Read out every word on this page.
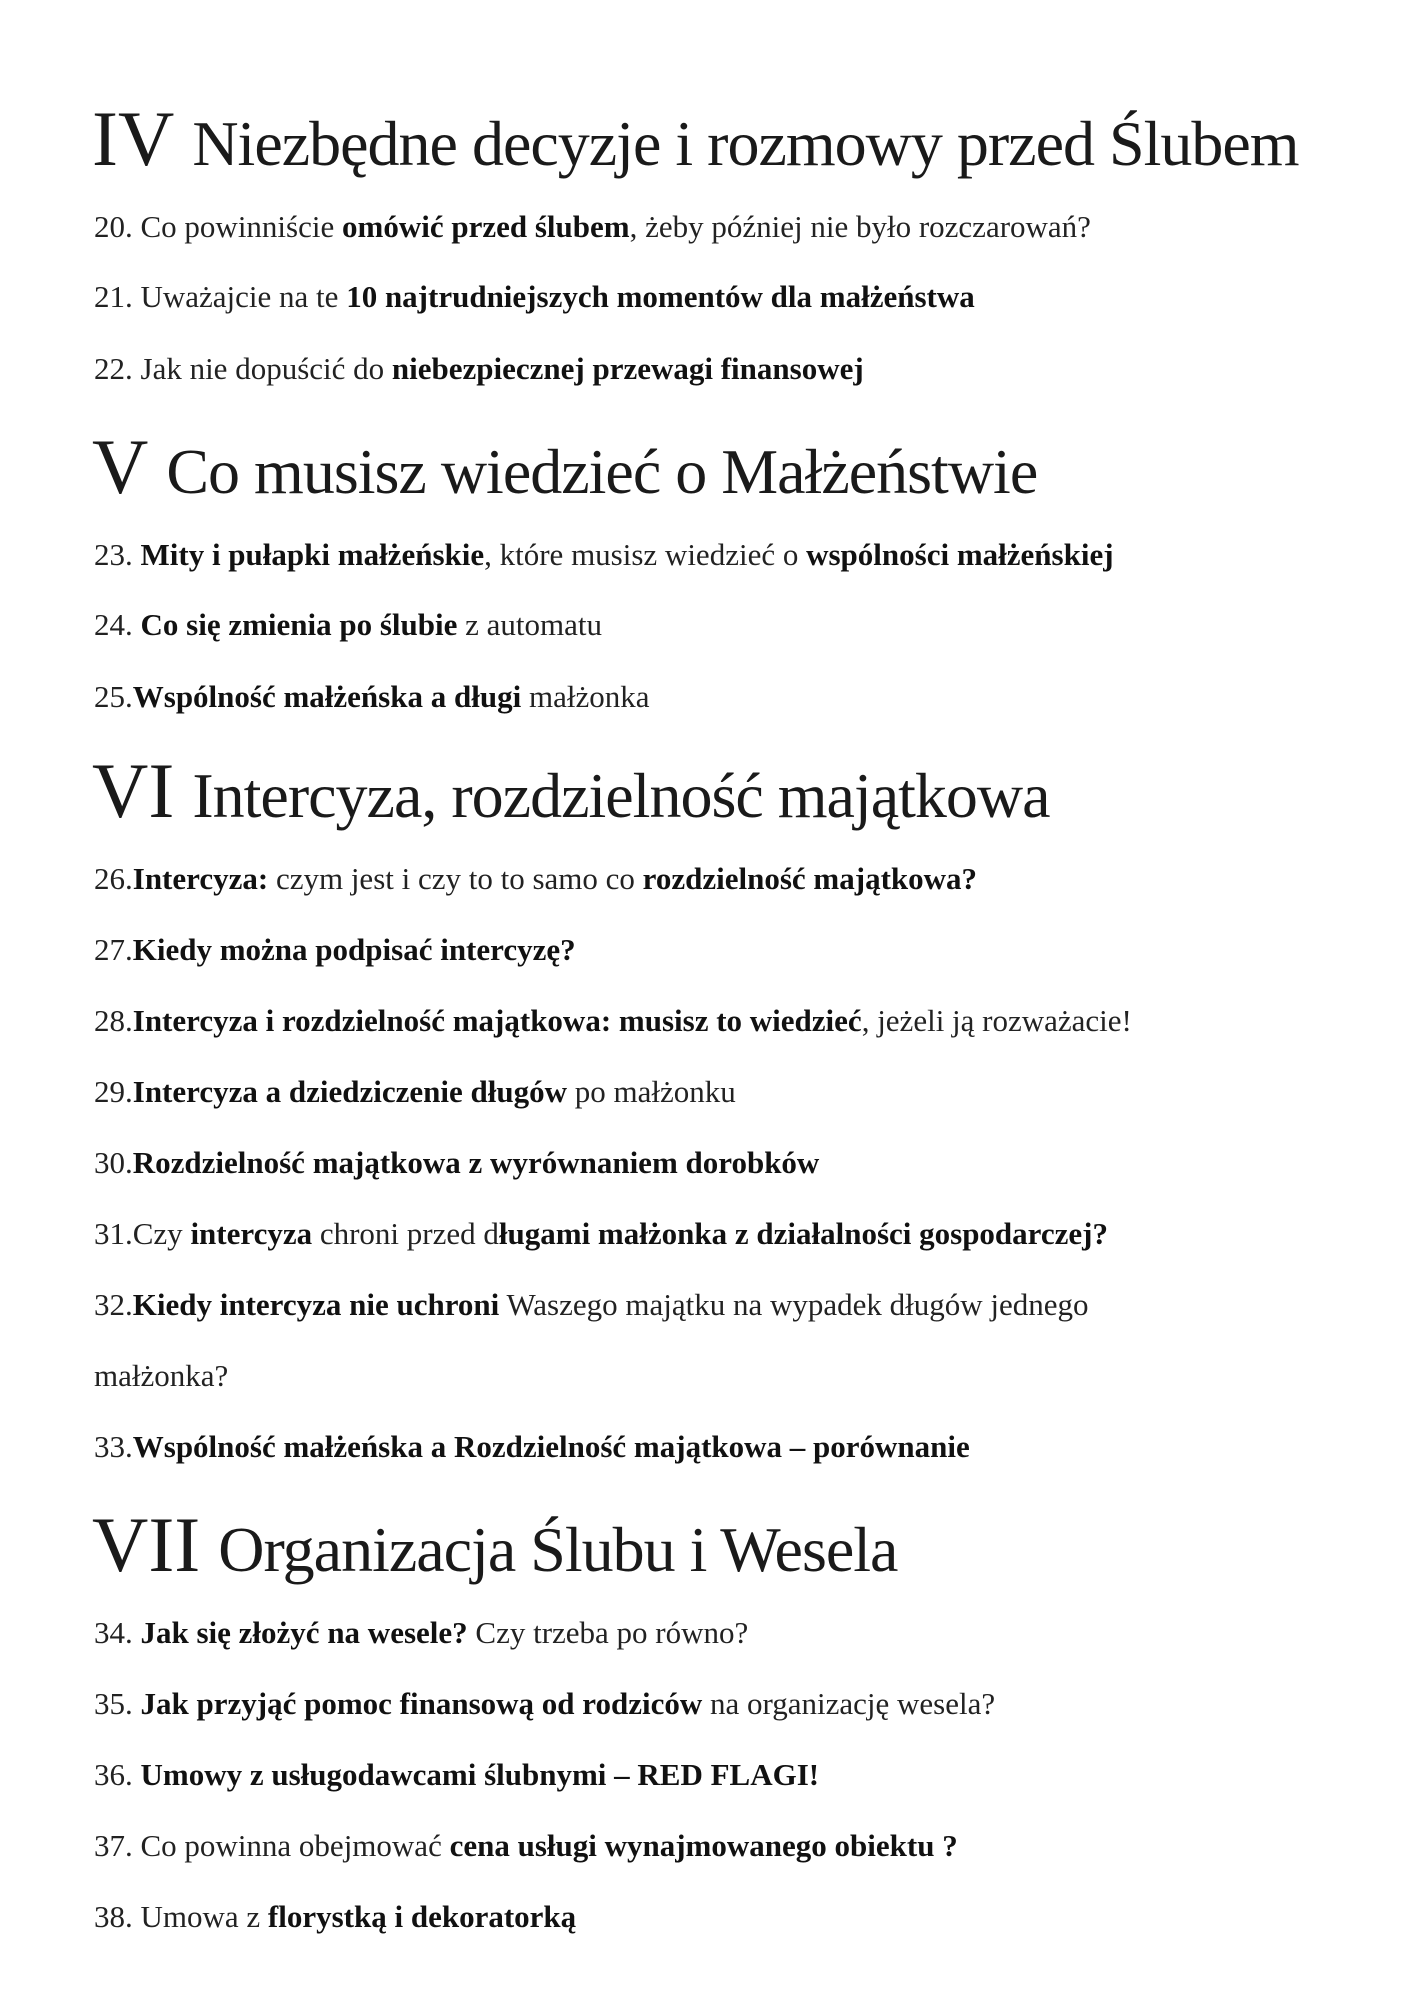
IV Niezbędne decyzje i rozmowy przed Ślubem

20. Co powinniście omówić przed ślubem, żeby później nie było rozczarowań?

21. Uważajcie na te 10 najtrudniejszych momentów dla małżeństwa

22. Jak nie dopuścić do niebezpiecznej przewagi finansowej

V Co musisz wiedzieć o Małżeństwie

23. Mity i pułapki małżeńskie, które musisz wiedzieć o wspólności małżeńskiej

24. Co się zmienia po ślubie z automatu

25.Wspólność małżeńska a długi małżonka

VI Intercyza, rozdzielność majątkowa

26.Intercyza: czym jest i czy to to samo co rozdzielność majątkowa?

27.Kiedy można podpisać intercyzę?

28.Intercyza i rozdzielność majątkowa: musisz to wiedzieć, jeżeli ją rozważacie!

29.Intercyza a dziedziczenie długów po małżonku

30.Rozdzielność majątkowa z wyrównaniem dorobków

31.Czy intercyza chroni przed długami małżonka z działalności gospodarczej?

32.Kiedy intercyza nie uchroni Waszego majątku na wypadek długów jednego

małżonka?

33.Wspólność małżeńska a Rozdzielność majątkowa – porównanie

VII Organizacja Ślubu i Wesela

34. Jak się złożyć na wesele? Czy trzeba po równo?

35. Jak przyjąć pomoc finansową od rodziców na organizację wesela?

36. Umowy z usługodawcami ślubnymi – RED FLAGI!

37. Co powinna obejmować cena usługi wynajmowanego obiektu ?

38. Umowa z florystką i dekoratorką
